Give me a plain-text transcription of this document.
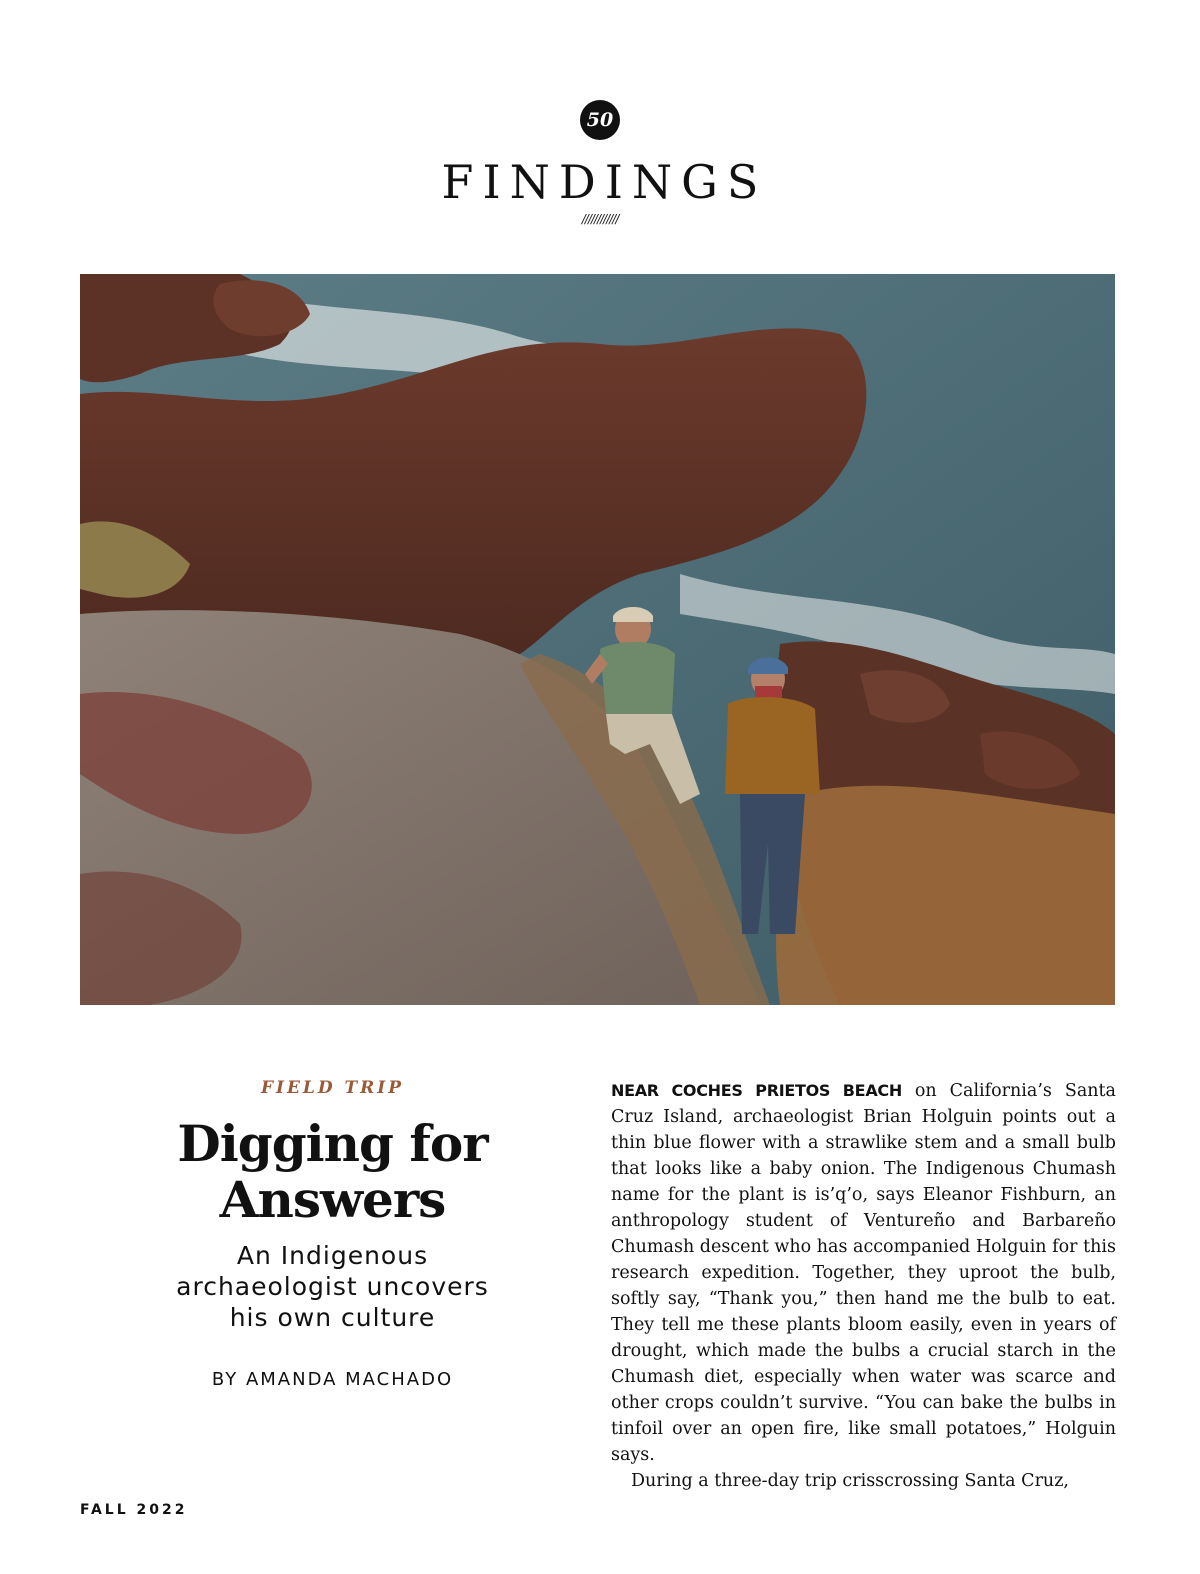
50
FINDINGS
////////////
FIELD TRIP
Digging for
Answers
An Indigenous
archaeologist uncovers
his own culture
BY AMANDA MACHADO

NEAR COCHES PRIETOS BEACH on California’s Santa Cruz Island, archaeologist Brian Holguin points out a thin blue flower with a strawlike stem and a small bulb that looks like a baby onion. The Indigenous Chumash name for the plant is is’q’o, says Eleanor Fishburn, an anthropology student of Ventureño and Barbareño Chumash descent who has accompanied Holguin for this research expedition. Together, they uproot the bulb, softly say, “Thank you,” then hand me the bulb to eat. They tell me these plants bloom easily, even in years of drought, which made the bulbs a crucial starch in the Chumash diet, especially when water was scarce and other crops couldn’t survive. “You can bake the bulbs in tinfoil over an open fire, like small potatoes,” Holguin says.

During a three-day trip crisscrossing Santa Cruz,

FALL 2022
